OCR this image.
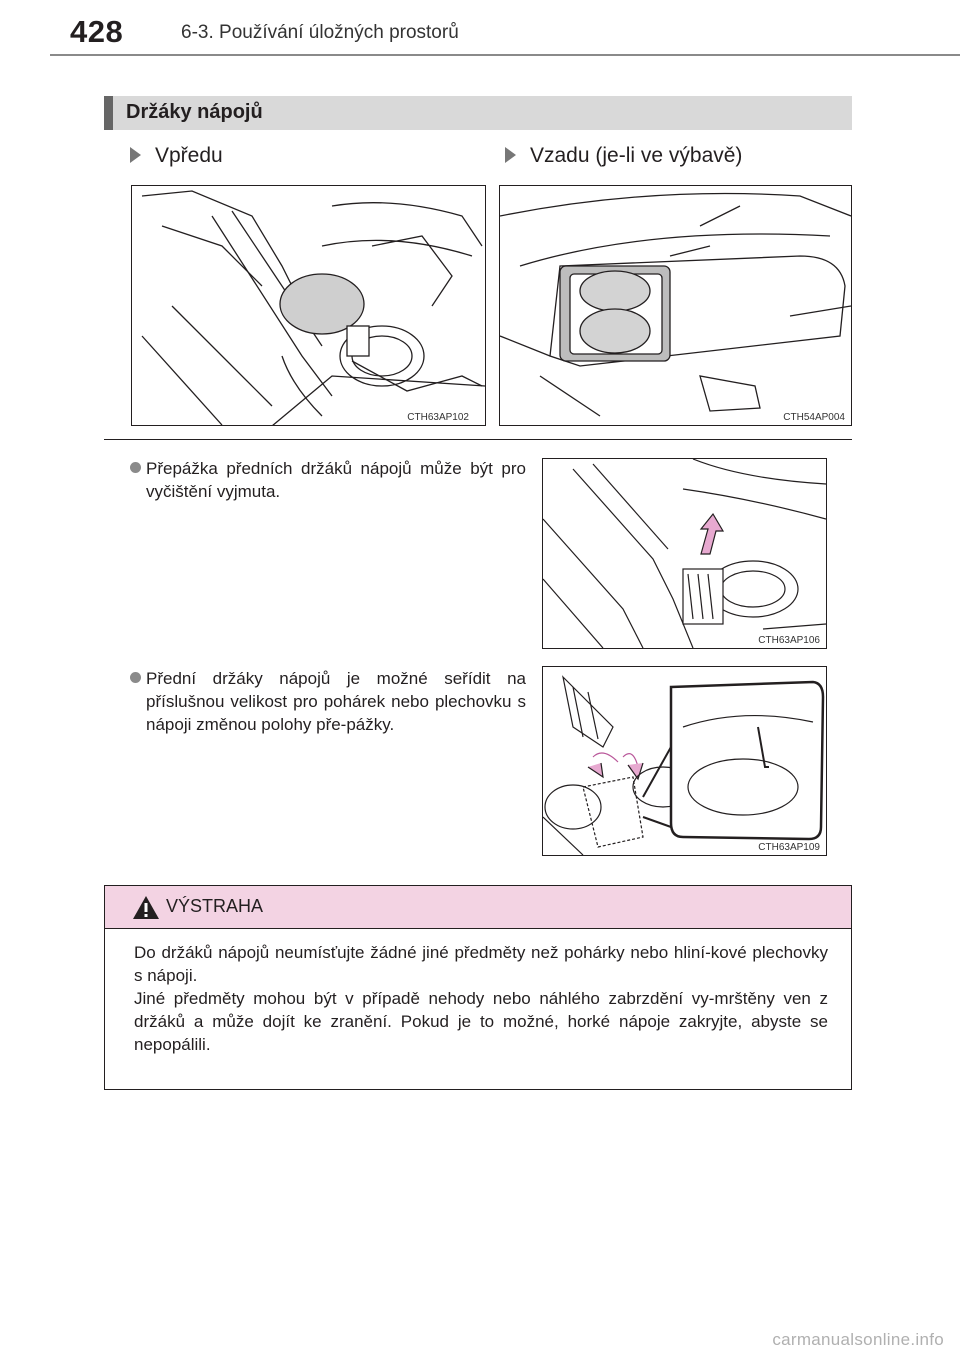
428	6-3. Používání úložných prostorů
Držáky nápojů
Vpředu	Vzadu (je-li ve výbavě)
CTH63AP102	CTH54AP004
Přepážka předních držáků nápojů může být pro vyčištění vyjmuta.
CTH63AP106
Přední držáky nápojů je možné seřídit na příslušnou velikost pro pohárek nebo plechovku s nápoji změnou polohy pře-pážky.
CTH63AP109
VÝSTRAHA

Do držáků nápojů neumísťujte žádné jiné předměty než pohárky nebo hliní-kové plechovky s nápoji.

Jiné předměty mohou být v případě nehody nebo náhlého zabrzdění vy-mrštěny ven z držáků a může dojít ke zranění. Pokud je to možné, horké nápoje zakryjte, abyste se nepopálili.

carmanualsonline.info
